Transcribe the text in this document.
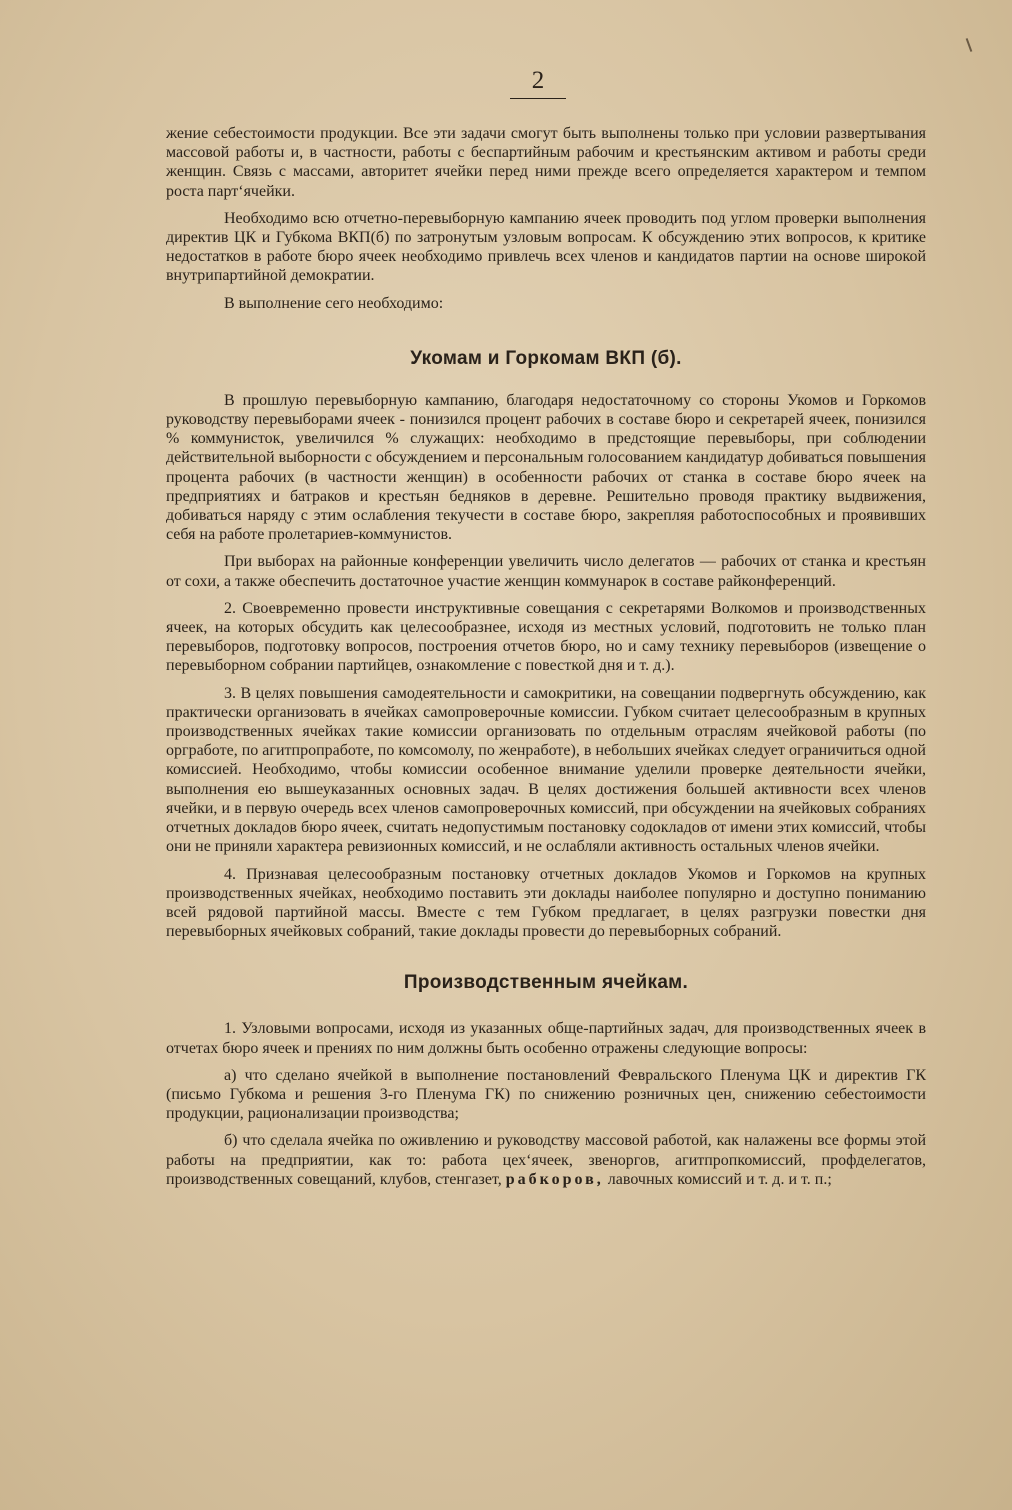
2

жение себестоимости продукции. Все эти задачи смогут быть выполнены только при условии развертывания массовой работы и, в частности, работы с беспартийным рабочим и крестьянским активом и работы среди женщин. Связь с массами, авторитет ячейки перед ними прежде всего определяется характером и темпом роста парт‘ячейки.

Необходимо всю отчетно-перевыборную кампанию ячеек проводить под углом проверки выполнения директив ЦК и Губкома ВКП(б) по затронутым узловым вопросам. К обсуждению этих вопросов, к критике недостатков в работе бюро ячеек необходимо привлечь всех членов и кандидатов партии на основе широкой внутрипартийной демократии.

В выполнение сего необходимо:

Укомам и Горкомам ВКП (б).

В прошлую перевыборную кампанию, благодаря недостаточному со стороны Укомов и Горкомов руководству перевыборами ячеек - понизился процент рабочих в составе бюро и секретарей ячеек, понизился % коммунисток, увеличился % служащих: необходимо в предстоящие перевыборы, при соблюдении действительной выборности с обсуждением и персональным голосованием кандидатур добиваться повышения процента рабочих (в частности женщин) в особенности рабочих от станка в составе бюро ячеек на предприятиях и батраков и крестьян бедняков в деревне. Решительно проводя практику выдвижения, добиваться наряду с этим ослабления текучести в составе бюро, закрепляя работоспособных и проявивших себя на работе пролетариев-коммунистов.

При выборах на районные конференции увеличить число делегатов — рабочих от станка и крестьян от сохи, а также обеспечить достаточное участие женщин коммунарок в составе райконференций.

2. Своевременно провести инструктивные совещания с секретарями Волкомов и производственных ячеек, на которых обсудить как целесообразнее, исходя из местных условий, подготовить не только план перевыборов, подготовку вопросов, построения отчетов бюро, но и саму технику перевыборов (извещение о перевыборном собрании партийцев, ознакомление с повесткой дня и т. д.).

3. В целях повышения самодеятельности и самокритики, на совещании подвергнуть обсуждению, как практически организовать в ячейках самопроверочные комиссии. Губком считает целесообразным в крупных производственных ячейках такие комиссии организовать по отдельным отраслям ячейковой работы (по оргработе, по агитпропработе, по комсомолу, по женработе), в небольших ячейках следует ограничиться одной комиссией. Необходимо, чтобы комиссии особенное внимание уделили проверке деятельности ячейки, выполнения ею вышеуказанных основных задач. В целях достижения большей активности всех членов ячейки, и в первую очередь всех членов самопроверочных комиссий, при обсуждении на ячейковых собраниях отчетных докладов бюро ячеек, считать недопустимым постановку содокладов от имени этих комиссий, чтобы они не приняли характера ревизионных комиссий, и не ослабляли активность остальных членов ячейки.

4. Признавая целесообразным постановку отчетных докладов Укомов и Горкомов на крупных производственных ячейках, необходимо поставить эти доклады наиболее популярно и доступно пониманию всей рядовой партийной массы. Вместе с тем Губком предлагает, в целях разгрузки повестки дня перевыборных ячейковых собраний, такие доклады провести до перевыборных собраний.

Производственным ячейкам.

1. Узловыми вопросами, исходя из указанных обще-партийных задач, для производственных ячеек в отчетах бюро ячеек и прениях по ним должны быть особенно отражены следующие вопросы:

а) что сделано ячейкой в выполнение постановлений Февральского Пленума ЦК и директив ГК (письмо Губкома и решения 3-го Пленума ГК) по снижению розничных цен, снижению себестоимости продукции, рационализации производства;

б) что сделала ячейка по оживлению и руководству массовой работой, как налажены все формы этой работы на предприятии, как то: работа цех‘ячеек, звеноргов, агитпропкомиссий, профделегатов, производственных совещаний, клубов, стенгазет, рабкоров, лавочных комиссий и т. д. и т. п.;
